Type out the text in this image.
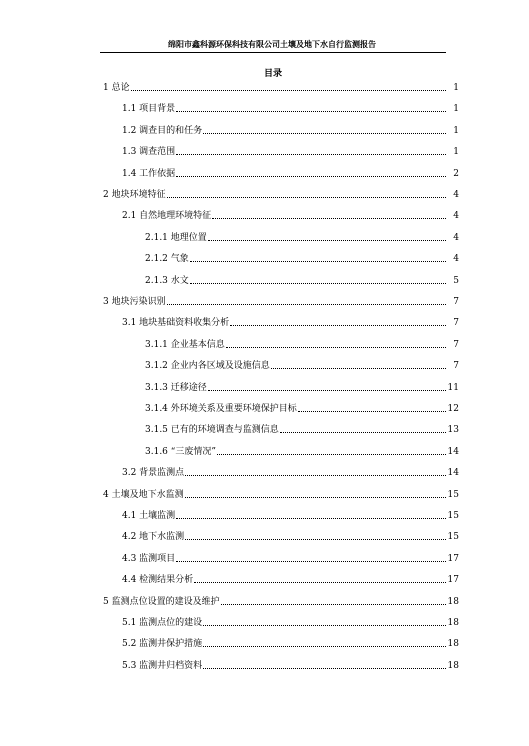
绵阳市鑫科源环保科技有限公司土壤及地下水自行监测报告
目录
1 总论	1
1.1 项目背景	1
1.2 调查目的和任务	1
1.3 调查范围	1
1.4 工作依据	2
2 地块环境特征	4
2.1 自然地理环境特征	4
2.1.1 地理位置	4
2.1.2 气象	4
2.1.3 水文	5
3 地块污染识别	7
3.1 地块基础资料收集分析	7
3.1.1 企业基本信息	7
3.1.2 企业内各区域及设施信息	7
3.1.3 迁移途径	11
3.1.4 外环境关系及重要环境保护目标	12
3.1.5 已有的环境调查与监测信息	13
3.1.6 “三废情况”	14
3.2 背景监测点	14
4 土壤及地下水监测	15
4.1 土壤监测	15
4.2 地下水监测	15
4.3 监测项目	17
4.4 检测结果分析	17
5 监测点位设置的建设及维护	18
5.1 监测点位的建设	18
5.2 监测井保护措施	18
5.3 监测井归档资料	18
